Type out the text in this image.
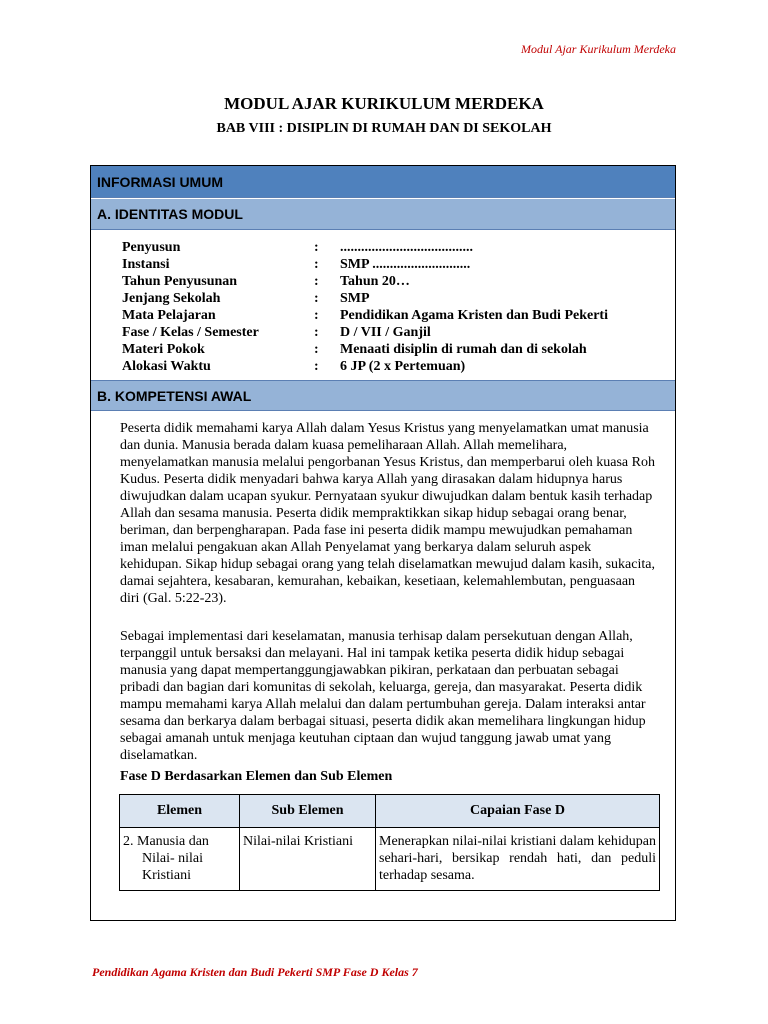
Modul Ajar Kurikulum Merdeka
MODUL AJAR KURIKULUM MERDEKA
BAB VIII : DISIPLIN DI RUMAH DAN DI SEKOLAH
INFORMASI UMUM
A. IDENTITAS MODUL
Penyusun	:	......................................
Instansi	:	SMP ............................
Tahun Penyusunan	:	Tahun 20…
Jenjang Sekolah	:	SMP
Mata Pelajaran	:	Pendidikan Agama Kristen dan Budi Pekerti
Fase / Kelas / Semester	:	D / VII / Ganjil
Materi Pokok	:	Menaati disiplin di rumah dan di sekolah
Alokasi Waktu	:	6 JP (2 x Pertemuan)
B. KOMPETENSI AWAL
Peserta didik memahami karya Allah dalam Yesus Kristus yang menyelamatkan umat manusia dan dunia. Manusia berada dalam kuasa pemeliharaan Allah. Allah memelihara, menyelamatkan manusia melalui pengorbanan Yesus Kristus, dan memperbarui oleh kuasa Roh Kudus. Peserta didik menyadari bahwa karya Allah yang dirasakan dalam hidupnya harus diwujudkan dalam ucapan syukur. Pernyataan syukur diwujudkan dalam bentuk kasih terhadap Allah dan sesama manusia. Peserta didik mempraktikkan sikap hidup sebagai orang benar, beriman, dan berpengharapan. Pada fase ini peserta didik mampu mewujudkan pemahaman iman melalui pengakuan akan Allah Penyelamat yang berkarya dalam seluruh aspek kehidupan. Sikap hidup sebagai orang yang telah diselamatkan mewujud dalam kasih, sukacita, damai sejahtera, kesabaran, kemurahan, kebaikan, kesetiaan, kelemahlembutan, penguasaan diri (Gal. 5:22-23).
Sebagai implementasi dari keselamatan, manusia terhisap dalam persekutuan dengan Allah, terpanggil untuk bersaksi dan melayani. Hal ini tampak ketika peserta didik hidup sebagai manusia yang dapat mempertanggungjawabkan pikiran, perkataan dan perbuatan sebagai pribadi dan bagian dari komunitas di sekolah, keluarga, gereja, dan masyarakat. Peserta didik mampu memahami karya Allah melalui dan dalam pertumbuhan gereja. Dalam interaksi antar sesama dan berkarya dalam berbagai situasi, peserta didik akan memelihara lingkungan hidup sebagai amanah untuk menjaga keutuhan ciptaan dan wujud tanggung jawab umat yang diselamatkan.
Fase D Berdasarkan Elemen dan Sub Elemen
Elemen	Sub Elemen	Capaian Fase D

2. Manusia dan Nilai- nilai Kristiani	Nilai-nilai Kristiani	Menerapkan nilai-nilai kristiani dalam kehidupan sehari-hari, bersikap rendah hati, dan peduli terhadap sesama.
Pendidikan Agama Kristen dan Budi Pekerti SMP Fase D Kelas 7
